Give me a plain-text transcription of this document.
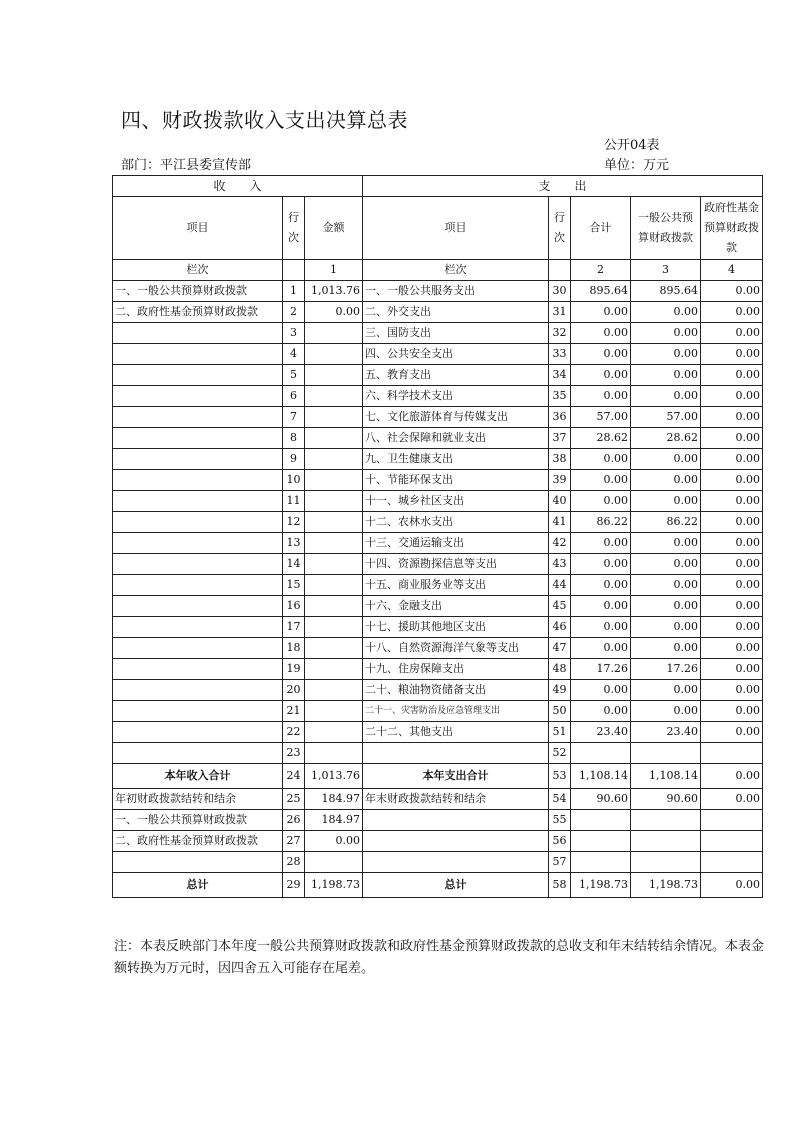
四、财政拨款收入支出决算总表
公开04表
部门：平江县委宣传部	单位：万元
收　　入			支　　出				
项目	行次	金额	项目	行次	合计	一般公共预算财政拨款	政府性基金预算财政拨款
栏次		1	栏次		2	3	4
一、一般公共预算财政拨款	1	1,013.76	一、一般公共服务支出	30	895.64	895.64	0.00
二、政府性基金预算财政拨款	2	0.00	二、外交支出	31	0.00	0.00	0.00
	3		三、国防支出	32	0.00	0.00	0.00
	4		四、公共安全支出	33	0.00	0.00	0.00
	5		五、教育支出	34	0.00	0.00	0.00
	6		六、科学技术支出	35	0.00	0.00	0.00
	7		七、文化旅游体育与传媒支出	36	57.00	57.00	0.00
	8		八、社会保障和就业支出	37	28.62	28.62	0.00
	9		九、卫生健康支出	38	0.00	0.00	0.00
	10		十、节能环保支出	39	0.00	0.00	0.00
	11		十一、城乡社区支出	40	0.00	0.00	0.00
	12		十二、农林水支出	41	86.22	86.22	0.00
	13		十三、交通运输支出	42	0.00	0.00	0.00
	14		十四、资源勘探信息等支出	43	0.00	0.00	0.00
	15		十五、商业服务业等支出	44	0.00	0.00	0.00
	16		十六、金融支出	45	0.00	0.00	0.00
	17		十七、援助其他地区支出	46	0.00	0.00	0.00
	18		十八、自然资源海洋气象等支出	47	0.00	0.00	0.00
	19		十九、住房保障支出	48	17.26	17.26	0.00
	20		二十、粮油物资储备支出	49	0.00	0.00	0.00
	21		二十一、灾害防治及应急管理支出	50	0.00	0.00	0.00
	22		二十二、其他支出	51	23.40	23.40	0.00
	23			52			
本年收入合计	24	1,013.76	本年支出合计	53	1,108.14	1,108.14	0.00
年初财政拨款结转和结余	25	184.97	年末财政拨款结转和结余	54	90.60	90.60	0.00
一、一般公共预算财政拨款	26	184.97		55			
二、政府性基金预算财政拨款	27	0.00		56			
	28			57			
总计	29	1,198.73	总计	58	1,198.73	1,198.73	0.00
注：本表反映部门本年度一般公共预算财政拨款和政府性基金预算财政拨款的总收支和年末结转结余情况。本表金额转换为万元时，因四舍五入可能存在尾差。
